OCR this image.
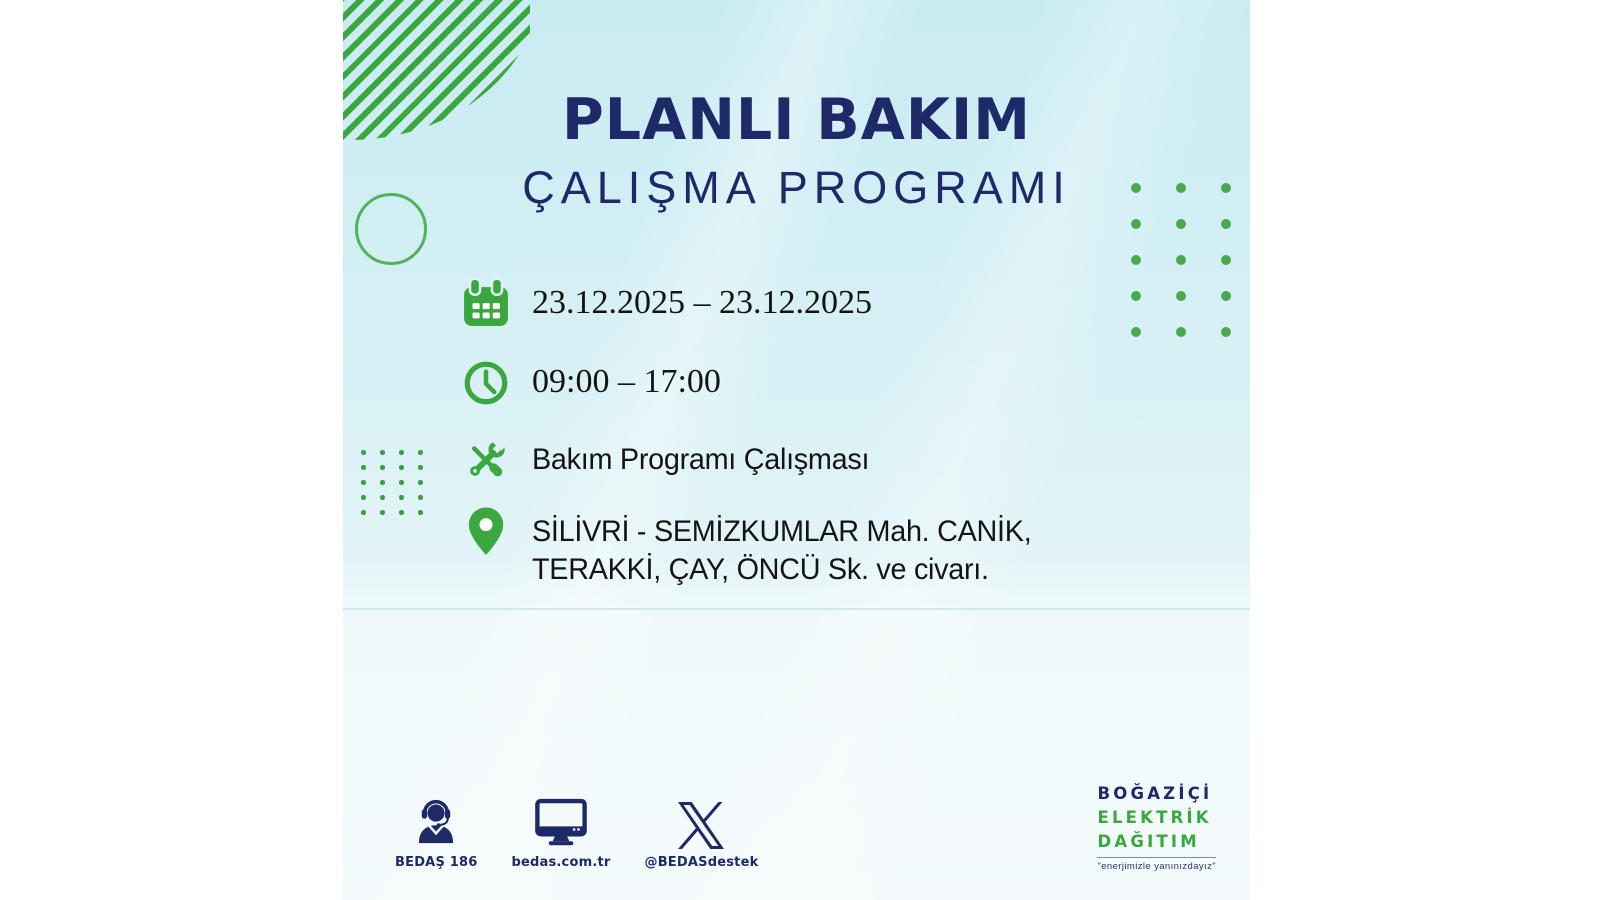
PLANLI BAKIM
ÇALIŞMA PROGRAMI
23.12.2025 – 23.12.2025
09:00 – 17:00
Bakım Programı Çalışması
SİLİVRİ - SEMİZKUMLAR Mah. CANİK, TERAKKİ, ÇAY, ÖNCÜ Sk. ve civarı.
BEDAŞ 186	bedas.com.tr	@BEDASdestek
BOĞAZİÇİ
ELEKTRİK
DAĞITIM
"enerjimizle yanınızdayız"
